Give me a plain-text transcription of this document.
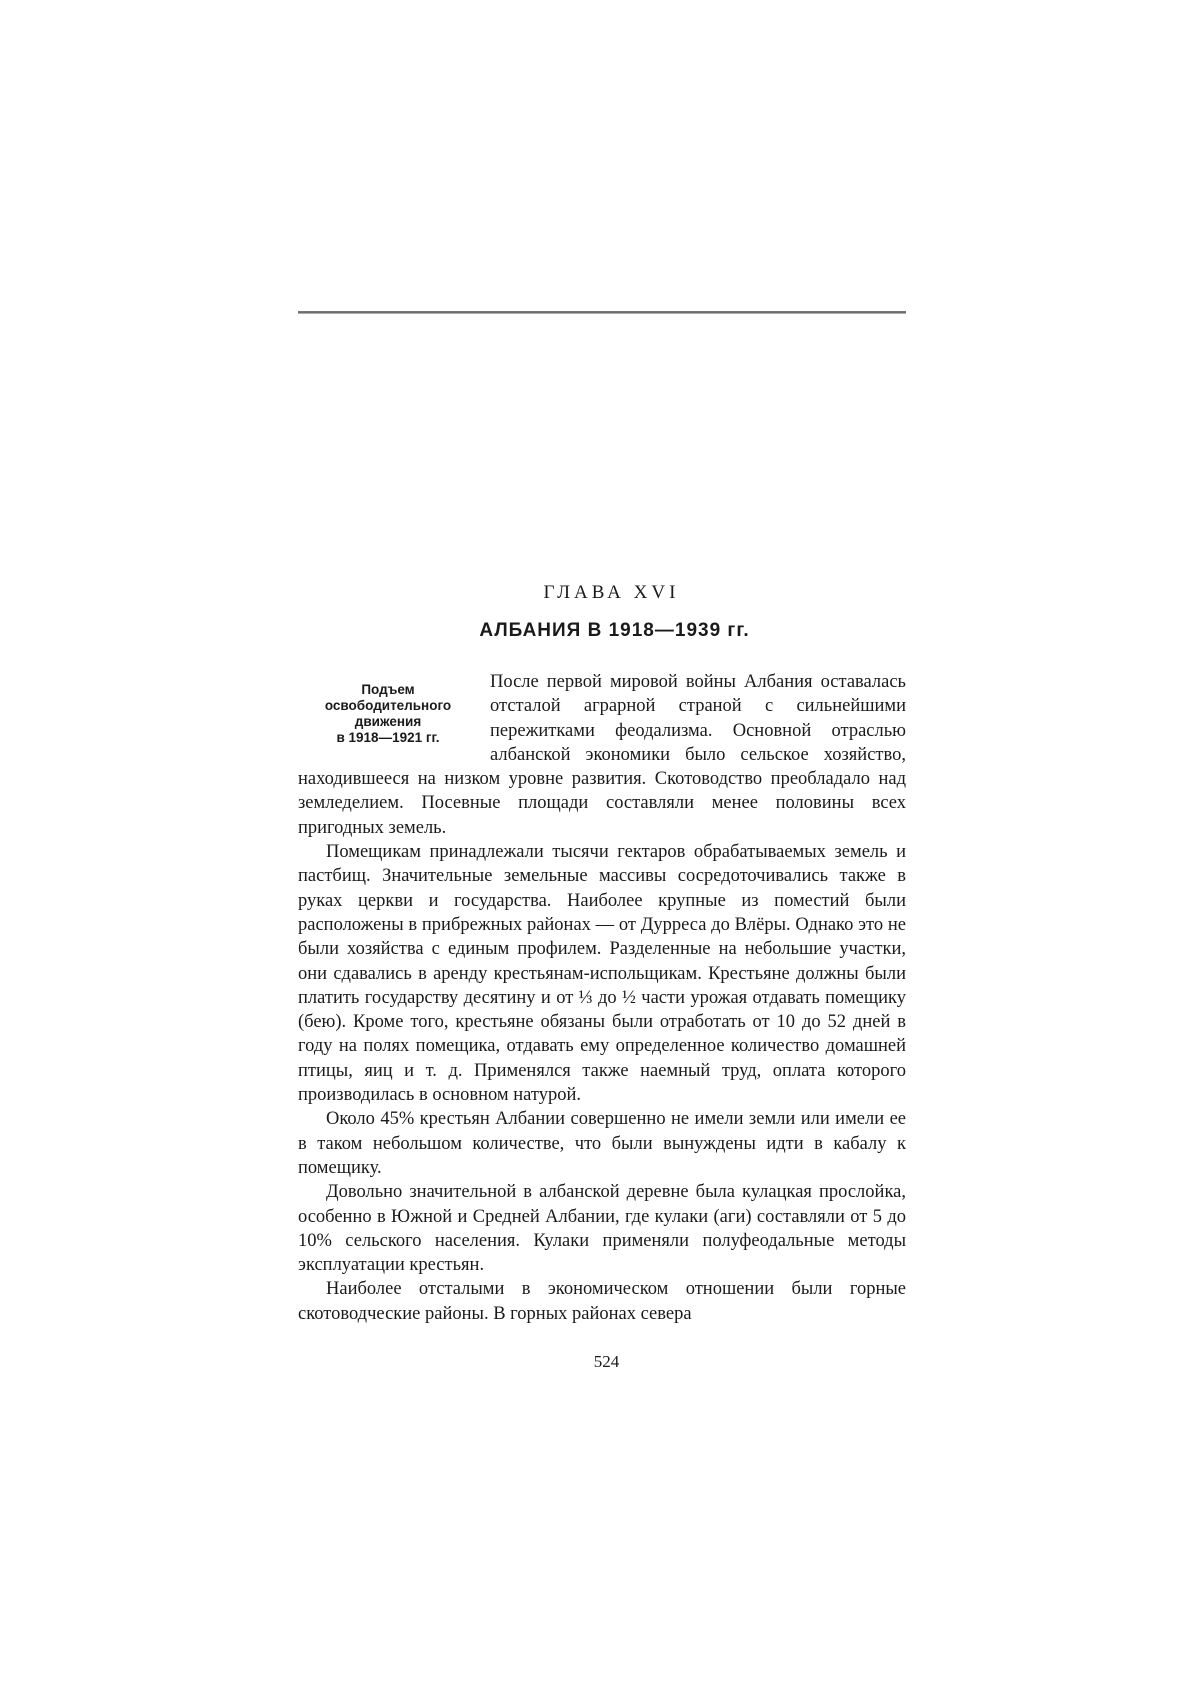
ГЛАВА XVI
АЛБАНИЯ В 1918—1939 гг.
Подъем
освободительного
движения
в 1918—1921 гг.

После первой мировой войны Албания оставалась отсталой аграрной страной с сильнейшими пережитками феодализма. Основной отраслью албанской экономики было сельское хозяйство, находившееся на низком уровне развития. Скотоводство преобладало над земледелием. Посевные площади составляли менее половины всех пригодных земель.

Помещикам принадлежали тысячи гектаров обрабатываемых земель и пастбищ. Значительные земельные массивы сосредоточивались также в руках церкви и государства. Наиболее крупные из поместий были расположены в прибрежных районах — от Дурреса до Влёры. Однако это не были хозяйства с единым профилем. Разделенные на небольшие участки, они сдавались в аренду крестьянам-испольщикам. Крестьяне должны были платить государству десятину и от ⅓ до ½ части урожая отдавать помещику (бею). Кроме того, крестьяне обязаны были отработать от 10 до 52 дней в году на полях помещика, отдавать ему определенное количество домашней птицы, яиц и т. д. Применялся также наемный труд, оплата которого производилась в основном натурой.

Около 45% крестьян Албании совершенно не имели земли или имели ее в таком небольшом количестве, что были вынуждены идти в кабалу к помещику.

Довольно значительной в албанской деревне была кулацкая прослойка, особенно в Южной и Средней Албании, где кулаки (аги) составляли от 5 до 10% сельского населения. Кулаки применяли полуфеодальные методы эксплуатации крестьян.

Наиболее отсталыми в экономическом отношении были горные скотоводческие районы. В горных районах севера

524
